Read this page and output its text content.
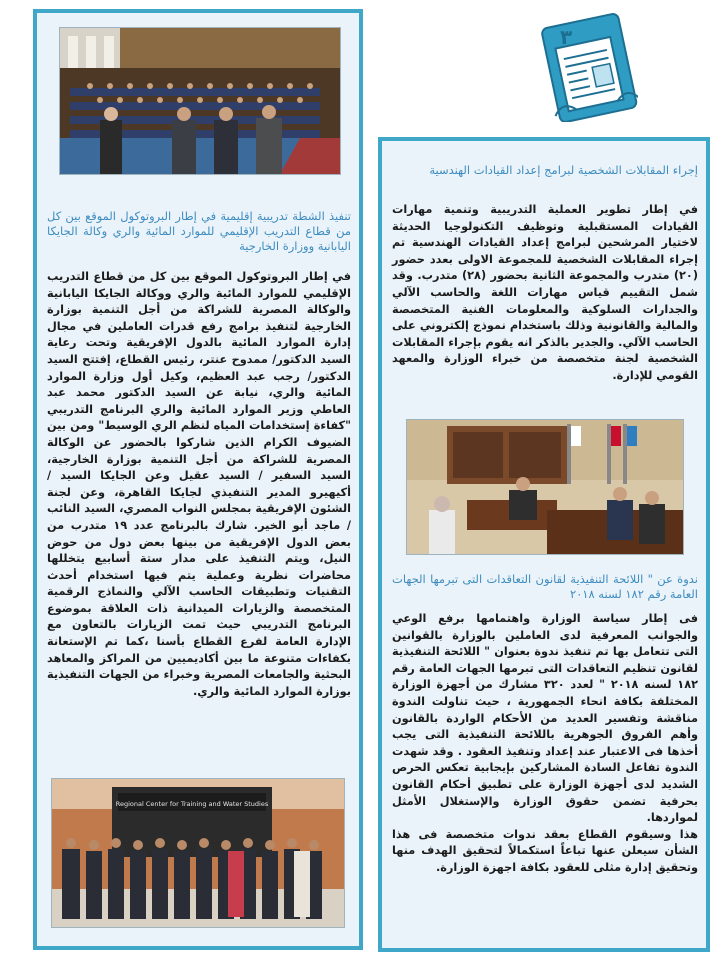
٣
تنفيذ الشطة تدريبية إقليمية في إطار البروتوكول الموقع بين كل من قطاع التدريب الإقليمي للموارد المائية والري وكالة الجايكا اليابانية ووزارة الخارجية

في إطار البروتوكول الموقع بين كل من قطاع التدريب الإقليمي للموارد المائية والري ووكالة الجايكا اليابانية والوكالة المصرية للشراكة من أجل التنمية بوزارة الخارجية لتنفيذ برامج رفع قدرات العاملين في مجال إدارة الموارد المائية بالدول الإفريقية وتحت رعاية السيد الدكتور/ ممدوح عنتر، رئيس القطاع، إفتتح السيد الدكتور/ رجب عبد العظيم، وكيل أول وزارة الموارد المائية والري، نيابة عن السيد الدكتور محمد عبد العاطي وزير الموارد المائية والري البرنامج التدريبي "كفاءة إستخدامات المياه لنظم الري الوسيط" ومن بين الضيوف الكرام الذين شاركوا بالحضور عن الوكالة المصرية للشراكة من أجل التنمية بوزارة الخارجية، السيد السفير / السيد عقيل وعن الجايكا السيد / أكيهيرو المدير التنفيذي لجايكا القاهرة، وعن لجنة الشئون الإفريقية بمجلس النواب المصري، السيد النائب / ماجد أبو الخير. شارك بالبرنامج عدد ١٩ متدرب من بعض الدول الإفريقية من بينها بعض دول من حوض النيل، ويتم التنفيذ على مدار ستة أسابيع يتخللها محاضرات نظرية وعملية يتم فيها استخدام أحدث التقنيات وتطبيقات الحاسب الآلي والنماذج الرقمية المتخصصة والزيارات الميدانية ذات العلاقة بموضوع البرنامج التدريبي حيث تمت الزيارات بالتعاون مع الإدارة العامة لفرع القطاع بأسنا ،كما تم الإستعانة بكفاءات متنوعة ما بين أكاديميين من المراكز والمعاهد البحثية والجامعات المصرية وخبراء من الجهات التنفيذية بوزارة الموارد المائية والري.

Regional Center for Training and Water Studies
إجراء المقابلات الشخصية لبرامج إعداد القيادات الهندسية

في إطار تطوير العملية التدريبية وتنمية مهارات القيادات المستقبلية وتوظيف التكنولوجيا الحديثة لاختيار المرشحين لبرامج إعداد القيادات الهندسية تم إجراء المقابلات الشخصية للمجموعة الاولى بعدد حضور (٢٠) متدرب والمجموعة الثانية بحضور (٢٨) متدرب. وقد شمل التقييم قياس مهارات اللغة والحاسب الآلي والجدارات السلوكية والمعلومات الفنية المتخصصة والمالية والقانونية وذلك باستخدام نموذج إلكتروني على الحاسب الآلي. والجدير بالذكر انه يقوم بإجراء المقابلات الشخصية لجنة متخصصة من خبراء الوزارة والمعهد القومي للإدارة.

ندوة عن " اللائحة التنفيذية لقانون التعاقدات التى تبرمها الجهات العامة رقم ١٨٢ لسنه ٢٠١٨

فى إطار سياسة الوزارة واهتمامها برفع الوعي والجوانب المعرفية لدى العاملين بالوزارة بالقوانين التى تتعامل بها تم تنفيذ ندوة بعنوان " اللائحة التنفيذية لقانون تنظيم التعاقدات التى تبرمها الجهات العامة رقم ١٨٢ لسنه ٢٠١٨ " لعدد ٣٢٠ مشارك من أجهزة الوزارة المختلفة بكافة انحاء الجمهورية ، حيث تناولت الندوة مناقشة وتفسير العديد من الأحكام الواردة بالقانون وأهم الفروق الجوهرية باللائحة التنفيذية التى يجب أخذها فى الاعتبار عند إعداد وتنفيذ العقود . وقد شهدت الندوة تفاعل السادة المشاركين بإيجابية تعكس الحرص الشديد لدى أجهزة الوزارة على تطبيق أحكام القانون بحرفية تضمن حقوق الوزارة والإستغلال الأمثل لمواردها.

هذا وسيقوم القطاع بعقد ندوات متخصصة فى هذا الشأن سيعلن عنها تباعاً استكمالاً لتحقيق الهدف منها وتحقيق إدارة مثلى للعقود بكافة اجهزة الوزارة.
